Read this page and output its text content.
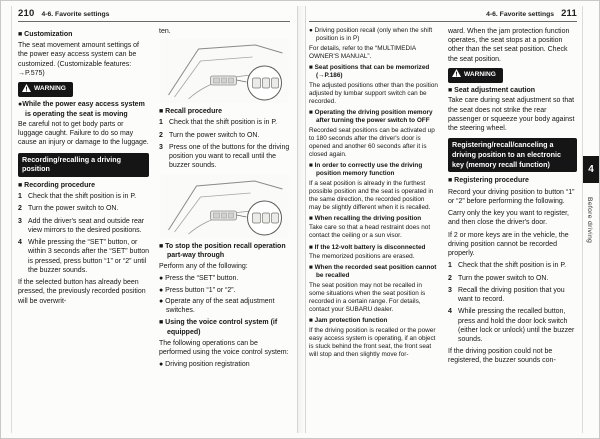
210 4-6. Favorite settings

■ Customization

The seat movement amount settings of the power easy access system can be customized. (Customizable features: →P.575)

WARNING

●While the power easy access system is operating the seat is moving

Be careful not to get body parts or luggage caught. Failure to do so may cause an injury or damage to the luggage.

Recording/recalling a driving position

■ Recording procedure

1 Check that the shift position is in P.
2 Turn the power switch to ON.
3 Add the driver's seat and outside rear view mirrors to the desired positions.
4 While pressing the “SET” button, or within 3 seconds after the “SET” button is pressed, press button “1” or “2” until the buzzer sounds.

If the selected button has already been pressed, the previously recorded position will be overwrit-

ten.

■ Recall procedure

1 Check that the shift position is in P.
2 Turn the power switch to ON.
3 Press one of the buttons for the driving position you want to recall until the buzzer sounds.

■ To stop the position recall operation part-way through

Perform any of the following:

● Press the “SET” button.

● Press button “1” or “2”.

● Operate any of the seat adjustment switches.

■ Using the voice control system (if equipped)

The following operations can be performed using the voice control system:

● Driving position registration

4-6. Favorite settings 211

● Driving position recall (only when the shift position is in P)

For details, refer to the “MULTIMEDIA OWNER'S MANUAL”.

■ Seat positions that can be memorized (→P.186)

The adjusted positions other than the position adjusted by lumbar support switch can be recorded.

■ Operating the driving position memory after turning the power switch to OFF

Recorded seat positions can be activated up to 180 seconds after the driver's door is opened and another 60 seconds after it is closed again.

■ In order to correctly use the driving position memory function

If a seat position is already in the furthest possible position and the seat is operated in the same direction, the recorded position may be slightly different when it is recalled.

■ When recalling the driving position

Take care so that a head restraint does not contact the ceiling or a sun visor.

■ If the 12-volt battery is disconnected

The memorized positions are erased.

■ When the recorded seat position cannot be recalled

The seat position may not be recalled in some situations when the seat position is recorded in a certain range. For details, contact your SUBARU dealer.

■ Jam protection function

If the driving position is recalled or the power easy access system is operating, if an object is stuck behind the front seat, the front seat will stop and then slightly move for-

ward. When the jam protection function operates, the seat stops at a position other than the set seat position. Check the seat position.

WARNING

■ Seat adjustment caution

Take care during seat adjustment so that the seat does not strike the rear passenger or squeeze your body against the steering wheel.

Registering/recall/canceling a driving position to an electronic key (memory recall function)

■ Registering procedure

Record your driving position to button “1” or “2” before performing the following.

Carry only the key you want to register, and then close the driver's door.

If 2 or more keys are in the vehicle, the driving position cannot be recorded properly.

1 Check that the shift position is in P.
2 Turn the power switch to ON.
3 Recall the driving position that you want to record.
4 While pressing the recalled button, press and hold the door lock switch (either lock or unlock) until the buzzer sounds.

If the driving position could not be registered, the buzzer sounds con-

4
Before driving
